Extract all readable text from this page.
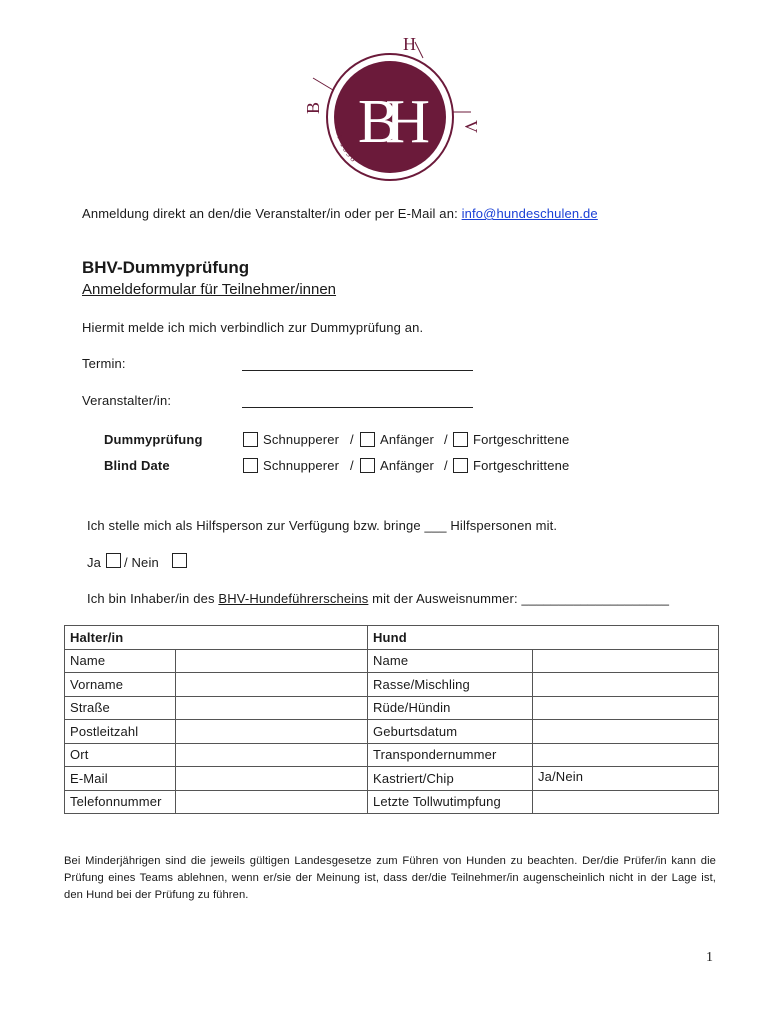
BH
H
B
V
seit 1996
Anmeldung direkt an den/die Veranstalter/in oder per E-Mail an: info@hundeschulen.de
BHV-Dummyprüfung
Anmeldeformular für Teilnehmer/innen
Hiermit melde ich mich verbindlich zur Dummyprüfung an.
Termin:
Veranstalter/in:
Dummyprüfung	Schnupperer / Anfänger / Fortgeschrittene
Blind Date	Schnupperer / Anfänger / Fortgeschrittene
Ich stelle mich als Hilfsperson zur Verfügung bzw. bringe ___ Hilfspersonen mit.
Ja / Nein
Ich bin Inhaber/in des BHV-Hundeführerscheins mit der Ausweisnummer: ____________________
Halter/in		Hund	
Name		Name	
Vorname		Rasse/Mischling	
Straße		Rüde/Hündin	
Postleitzahl		Geburtsdatum	
Ort		Transpondernummer	
E-Mail		Kastriert/Chip	Ja/Nein
Telefonnummer		Letzte Tollwutimpfung	
Bei Minderjährigen sind die jeweils gültigen Landesgesetze zum Führen von Hunden zu beachten. Der/die Prüfer/in kann die Prüfung eines Teams ablehnen, wenn er/sie der Meinung ist, dass der/die Teilnehmer/in augenscheinlich nicht in der Lage ist, den Hund bei der Prüfung zu führen.
1
